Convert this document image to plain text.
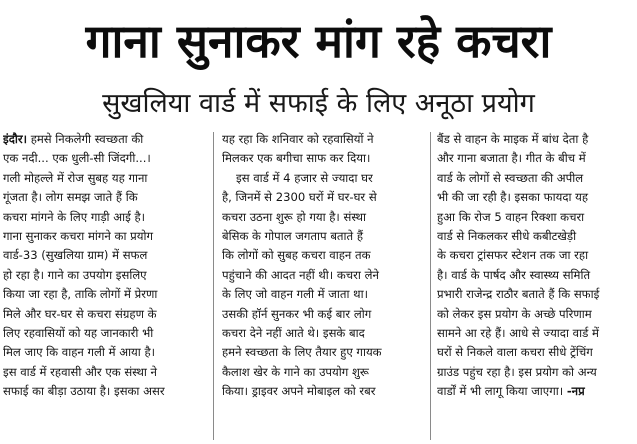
गाना सुनाकर मांग रहे कचरा
सुखलिया वार्ड में सफाई के लिए अनूठा प्रयोग
इंदौर। हमसे निकलेगी स्वच्छता की
एक नदी... एक धुली-सी जिंदगी...।
गली मोहल्ले में रोज सुबह यह गाना
गूंजता है। लोग समझ जाते हैं कि
कचरा मांगने के लिए गाड़ी आई है।
गाना सुनाकर कचरा मांगने का प्रयोग
वार्ड-33 (सुखलिया ग्राम) में सफल
हो रहा है। गाने का उपयोग इसलिए
किया जा रहा है, ताकि लोगों में प्रेरणा
मिले और घर-घर से कचरा संग्रहण के
लिए रहवासियों को यह जानकारी भी
मिल जाए कि वाहन गली में आया है।
इस वार्ड में रहवासी और एक संस्था ने
सफाई का बीड़ा उठाया है। इसका असर
यह रहा कि शनिवार को रहवासियों ने
मिलकर एक बगीचा साफ कर दिया।
इस वार्ड में 4 हजार से ज्यादा घर
है, जिनमें से 2300 घरों में घर-घर से
कचरा उठना शुरू हो गया है। संस्था
बेसिक के गोपाल जगताप बताते हैं
कि लोगों को सुबह कचरा वाहन तक
पहुंचाने की आदत नहीं थी। कचरा लेने
के लिए जो वाहन गली में जाता था।
उसकी हॉर्न सुनकर भी कई बार लोग
कचरा देने नहीं आते थे। इसके बाद
हमने स्वच्छता के लिए तैयार हुए गायक
कैलाश खेर के गाने का उपयोग शुरू
किया। ड्राइवर अपने मोबाइल को रबर
बैंड से वाहन के माइक में बांध देता है
और गाना बजाता है। गीत के बीच में
वार्ड के लोगों से स्वच्छता की अपील
भी की जा रही है। इसका फायदा यह
हुआ कि रोज 5 वाहन रिक्शा कचरा
वार्ड से निकलकर सीधे कबीटखेड़ी
के कचरा ट्रांसफर स्टेशन तक जा रहा
है। वार्ड के पार्षद और स्वास्थ्य समिति
प्रभारी राजेन्द्र राठौर बताते हैं कि सफाई
को लेकर इस प्रयोग के अच्छे परिणाम
सामने आ रहे हैं। आधे से ज्यादा वार्ड में
घरों से निकले वाला कचरा सीधे ट्रेंचिंग
ग्राउंड पहुंच रहा है। इस प्रयोग को अन्य
वार्डों में भी लागू किया जाएगा। -नप्र
